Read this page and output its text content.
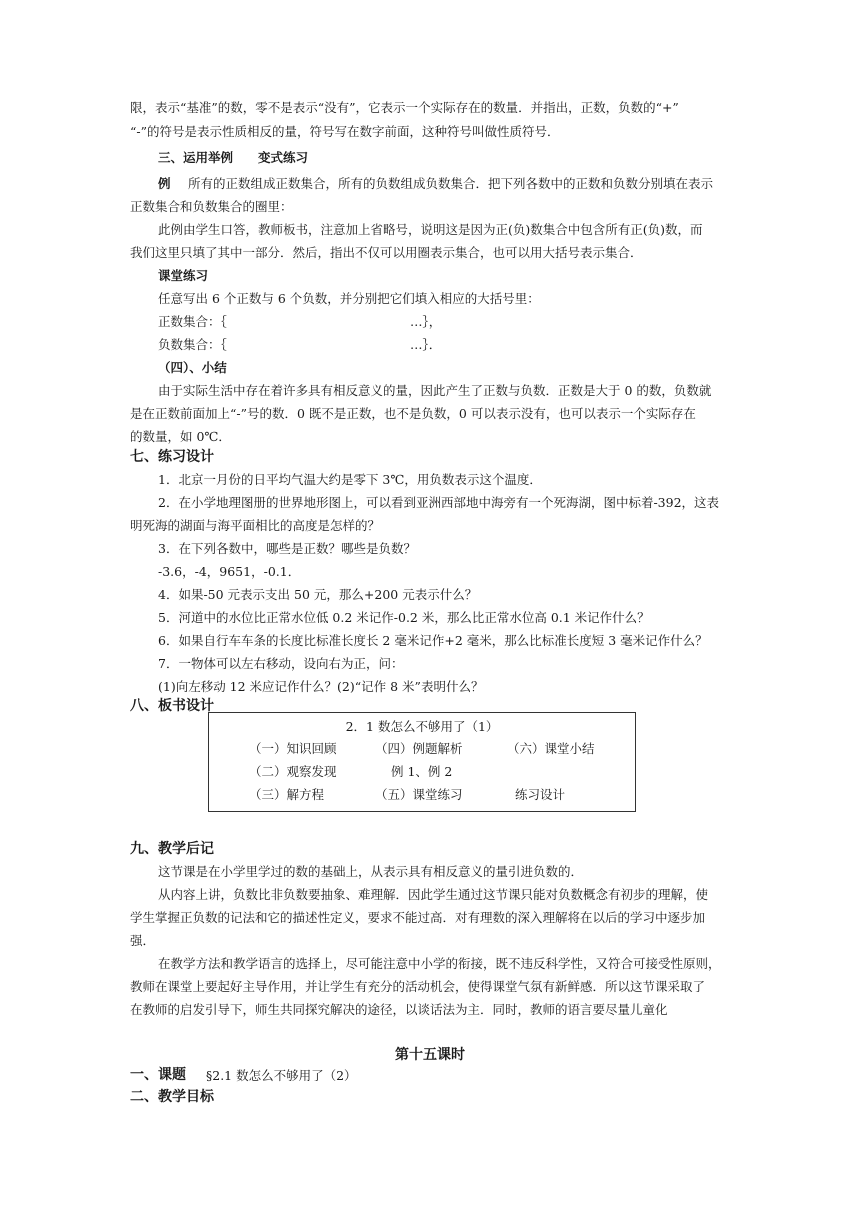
限，表示“基准”的数，零不是表示“没有”，它表示一个实际存在的数量．并指出，正数，负数的“+”
“-”的符号是表示性质相反的量，符号写在数字前面，这种符号叫做性质符号．
三、运用举例　　变式练习
例 所有的正数组成正数集合，所有的负数组成负数集合．把下列各数中的正数和负数分别填在表示
正数集合和负数集合的圈里：
此例由学生口答，教师板书，注意加上省略号，说明这是因为正(负)数集合中包含所有正(负)数，而
我们这里只填了其中一部分．然后，指出不仅可以用圈表示集合，也可以用大括号表示集合．
课堂练习
任意写出 6 个正数与 6 个负数，并分别把它们填入相应的大括号里：
正数集合：｛	…｝，
负数集合：｛	…｝．
（四）、小结
由于实际生活中存在着许多具有相反意义的量，因此产生了正数与负数．正数是大于 0 的数，负数就
是在正数前面加上“-”号的数．0 既不是正数，也不是负数，0 可以表示没有，也可以表示一个实际存在
的数量，如 0℃．
七、练习设计
1．北京一月份的日平均气温大约是零下 3℃，用负数表示这个温度．
2．在小学地理图册的世界地形图上，可以看到亚洲西部地中海旁有一个死海湖，图中标着-392，这表
明死海的湖面与海平面相比的高度是怎样的？
3．在下列各数中，哪些是正数？哪些是负数？
-3.6，-4，9651，-0.1．
4．如果-50 元表示支出 50 元，那么+200 元表示什么？
5．河道中的水位比正常水位低 0.2 米记作-0.2 米，那么比正常水位高 0.1 米记作什么？
6．如果自行车车条的长度比标准长度长 2 毫米记作+2 毫米，那么比标准长度短 3 毫米记作什么？
7．一物体可以左右移动，设向右为正，问：
(1)向左移动 12 米应记作什么？(2)“记作 8 米”表明什么？
八、板书设计
2．1 数怎么不够用了（1）
（一）知识回顾	（四）例题解析	（六）课堂小结
（二）观察发现	例 1、例 2
（三）解方程	（五）课堂练习	练习设计
九、教学后记
这节课是在小学里学过的数的基础上，从表示具有相反意义的量引进负数的．
从内容上讲，负数比非负数要抽象、难理解．因此学生通过这节课只能对负数概念有初步的理解，使
学生掌握正负数的记法和它的描述性定义，要求不能过高．对有理数的深入理解将在以后的学习中逐步加
强．
在教学方法和教学语言的选择上，尽可能注意中小学的衔接，既不违反科学性，又符合可接受性原则，
教师在课堂上要起好主导作用，并让学生有充分的活动机会，使得课堂气氛有新鲜感．所以这节课采取了
在教师的启发引导下，师生共同探究解决的途径，以谈话法为主．同时，教师的语言要尽量儿童化
第十五课时
一、课题 §2.1 数怎么不够用了（2）
二、教学目标
